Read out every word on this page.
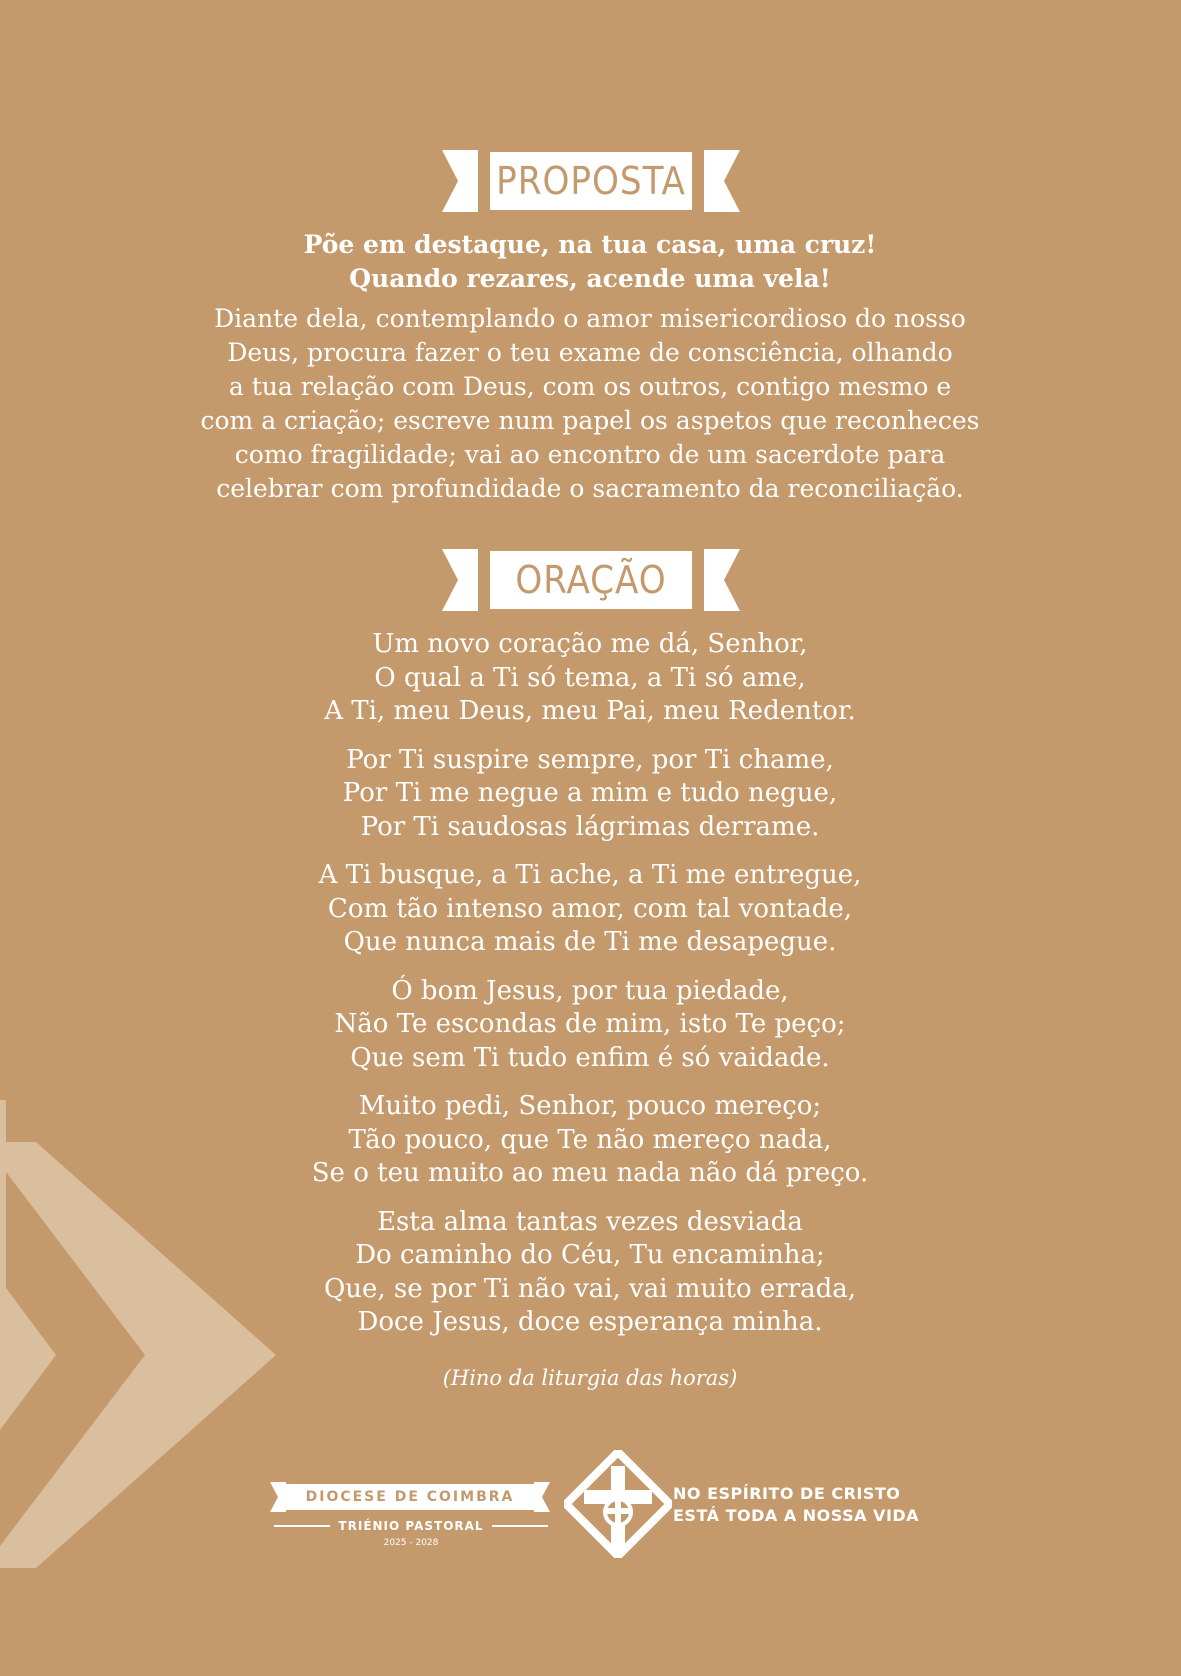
PROPOSTA
Põe em destaque, na tua casa, uma cruz!
Quando rezares, acende uma vela!
Diante dela, contemplando o amor misericordioso do nosso
Deus, procura fazer o teu exame de consciência, olhando
a tua relação com Deus, com os outros, contigo mesmo e
com a criação; escreve num papel os aspetos que reconheces
como fragilidade; vai ao encontro de um sacerdote para
celebrar com profundidade o sacramento da reconciliação.
ORAÇÃO
Um novo coração me dá, Senhor,
O qual a Ti só tema, a Ti só ame,
A Ti, meu Deus, meu Pai, meu Redentor.
Por Ti suspire sempre, por Ti chame,
Por Ti me negue a mim e tudo negue,
Por Ti saudosas lágrimas derrame.
A Ti busque, a Ti ache, a Ti me entregue,
Com tão intenso amor, com tal vontade,
Que nunca mais de Ti me desapegue.
Ó bom Jesus, por tua piedade,
Não Te escondas de mim, isto Te peço;
Que sem Ti tudo enfim é só vaidade.
Muito pedi, Senhor, pouco mereço;
Tão pouco, que Te não mereço nada,
Se o teu muito ao meu nada não dá preço.
Esta alma tantas vezes desviada
Do caminho do Céu, Tu encaminha;
Que, se por Ti não vai, vai muito errada,
Doce Jesus, doce esperança minha.
(Hino da liturgia das horas)
DIOCESE DE COIMBRA
TRIÉNIO PASTORAL
2025 - 2028
NO ESPÍRITO DE CRISTO
ESTÁ TODA A NOSSA VIDA
